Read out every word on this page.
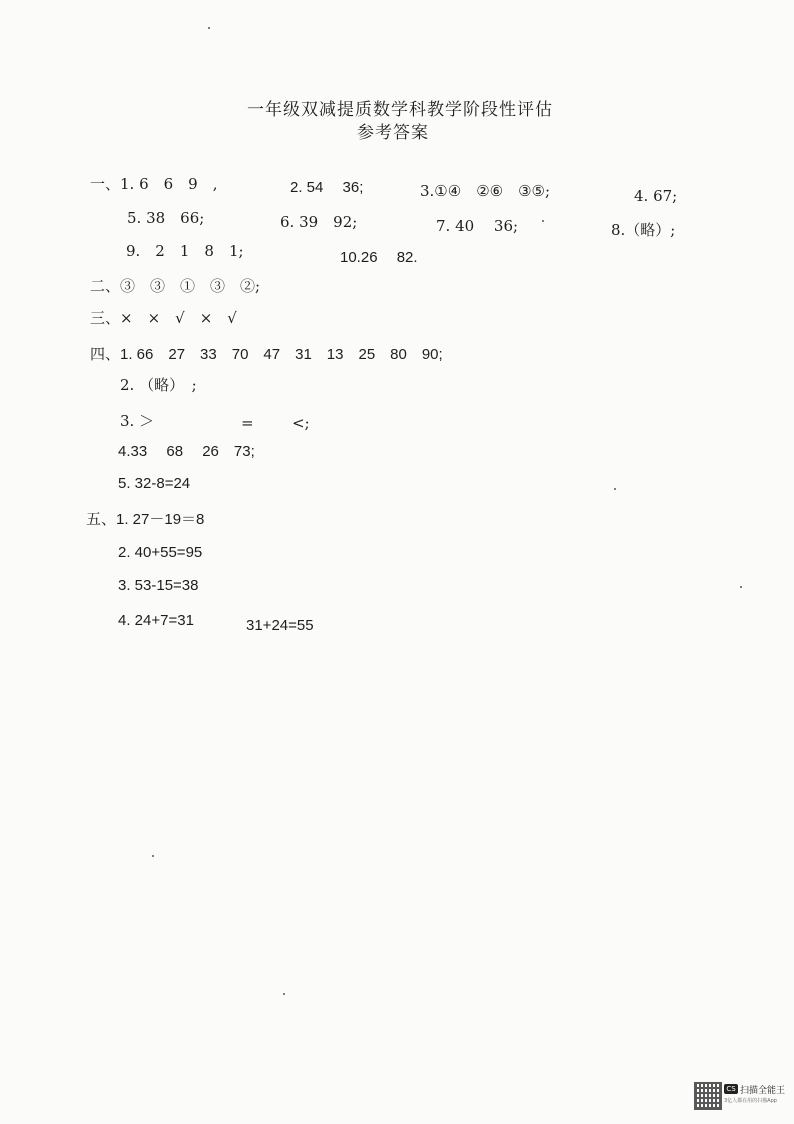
一年级双减提质数学科教学阶段性评估
参考答案
一、1. 6　6　9　,	2. 54　 36;	3.①④　②⑥　③⑤;	4. 67;
5. 38　66;	6. 39　92;	7. 40　 36;	8.（略）;
9.　2　1　8　1;	10.26　 82.
二、③　③　①　③　②;
三、×　×　√　×　√
四、1. 66　27　33　70　47　31　13　25　80　90;
2. （略）　;
3. ＞	=	<;
4.33　 68　 26　73;
5. 32-8=24
五、1. 27－19＝8
2. 40+55=95
3. 53-15=38
4. 24+7=31	31+24=55
CS 扫描全能王
3亿人都在用的扫描App
